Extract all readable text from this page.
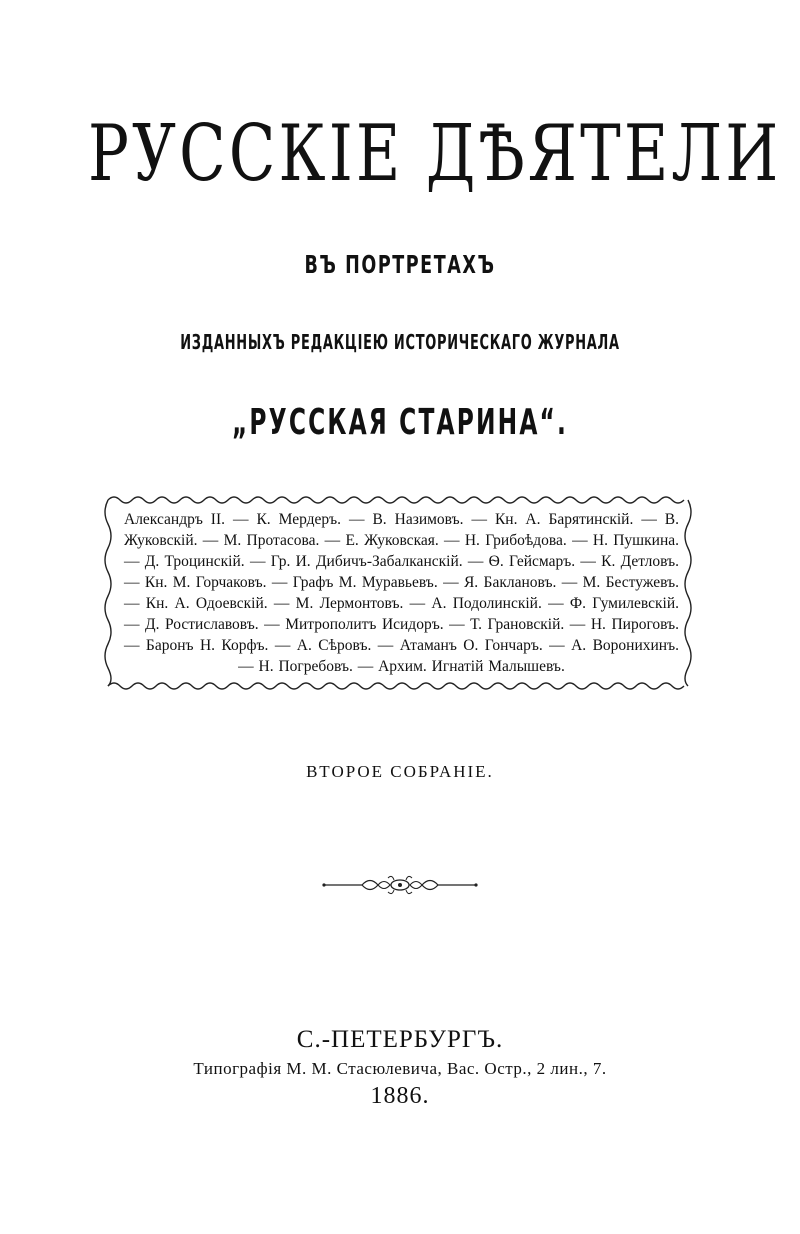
РУССКІЕ ДѢЯТЕЛИ
ВЪ ПОРТРЕТАХЪ
ИЗДАННЫХЪ РЕДАКЦІЕЮ ИСТОРИЧЕСКАГО ЖУРНАЛА
„РУССКАЯ СТАРИНА“.
Александръ II. — К. Мердеръ. — В. Назимовъ. — Кн. А. Барятинскій. — В. Жуковскій. — М. Протасова. — Е. Жуковская. — Н. Грибоѣдова. — Н. Пушкина. — Д. Троцинскій. — Гр. И. Дибичъ-Забалканскій. — Ѳ. Гейсмаръ. — К. Детловъ. — Кн. М. Горчаковъ. — Графъ М. Муравьевъ. — Я. Баклановъ. — М. Бестужевъ. — Кн. А. Одоевскій. — М. Лермонтовъ. — А. Подолинскій. — Ф. Гумилевскій. — Д. Ростиславовъ. — Митрополитъ Исидоръ. — Т. Грановскій. — Н. Пироговъ. — Баронъ Н. Корфъ. — А. Сѣровъ. — Атаманъ О. Гончаръ. — А. Воронихинъ. — Н. Погребовъ. — Архим. Игнатій Малышевъ.
ВТОРОЕ СОБРАНІЕ.
С.-ПЕТЕРБУРГЪ.
Типографія М. М. Стасюлевича, Вас. Остр., 2 лин., 7.
1886.
